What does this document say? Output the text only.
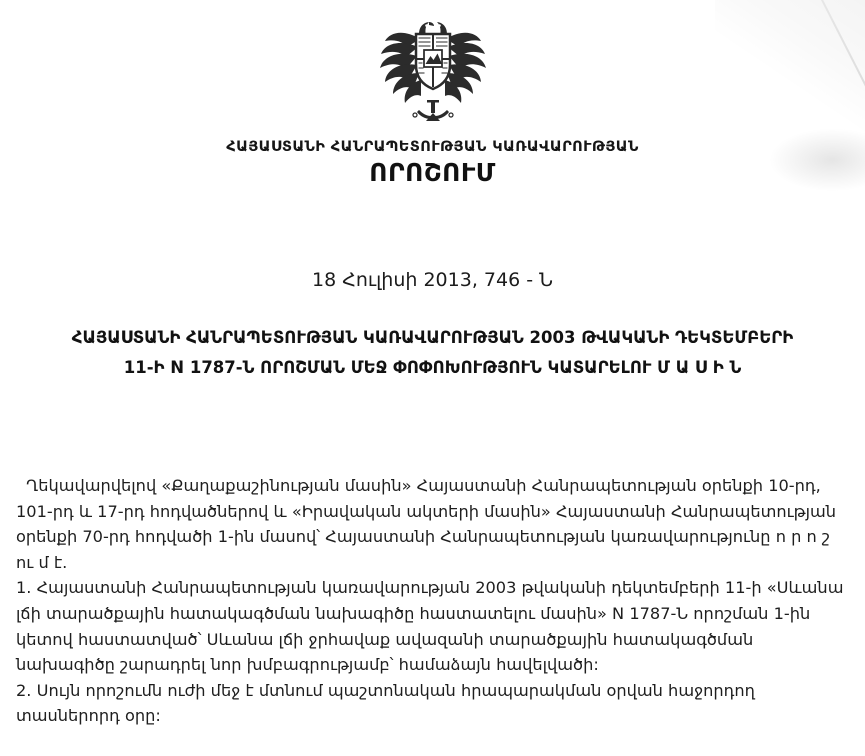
ՀԱՅԱՍՏԱՆԻ ՀԱՆՐԱՊԵՏՈՒԹՅԱՆ ԿԱՌԱՎԱՐՈՒԹՅԱՆ
ՈՐՈՇՈՒՄ
18 Հուլիսի 2013, 746 - Ն
ՀԱՅԱՍՏԱՆԻ ՀԱՆՐԱՊԵՏՈՒԹՅԱՆ ԿԱՌԱՎԱՐՈՒԹՅԱՆ 2003 ԹՎԱԿԱՆԻ ԴԵԿՏԵՄԲԵՐԻ
11-Ի N 1787-Ն ՈՐՈՇՄԱՆ ՄԵՋ ՓՈՓՈԽՈՒԹՅՈՒՆ ԿԱՏԱՐԵԼՈՒ Մ Ա Ս Ի Ն

Ղեկավարվելով «Քաղաքաշինության մասին» Հայաստանի Հանրապետության օրենքի 10-րդ, 101-րդ և 17-րդ հոդվածներով և «Իրավական ակտերի մասին» Հայաստանի Հանրապետության օրենքի 70-րդ հոդվածի 1-ին մասով՝ Հայաստանի Հանրապետության կառավարությունը ո ր ո շ ու մ է.

1. Հայաստանի Հանրապետության կառավարության 2003 թվականի դեկտեմբերի 11-ի «Սևանա լճի տարածքային հատակագծման նախագիծը հաստատելու մասին» N 1787-Ն որոշման 1-ին կետով հաստատված՝ Սևանա լճի ջրհավաք ավազանի տարածքային հատակագծման նախագիծը շարադրել նոր խմբագրությամբ՝ համաձայն հավելվածի:

2. Սույն որոշումն ուժի մեջ է մտնում պաշտոնական հրապարակման օրվան հաջորդող տասներորդ օրը:
